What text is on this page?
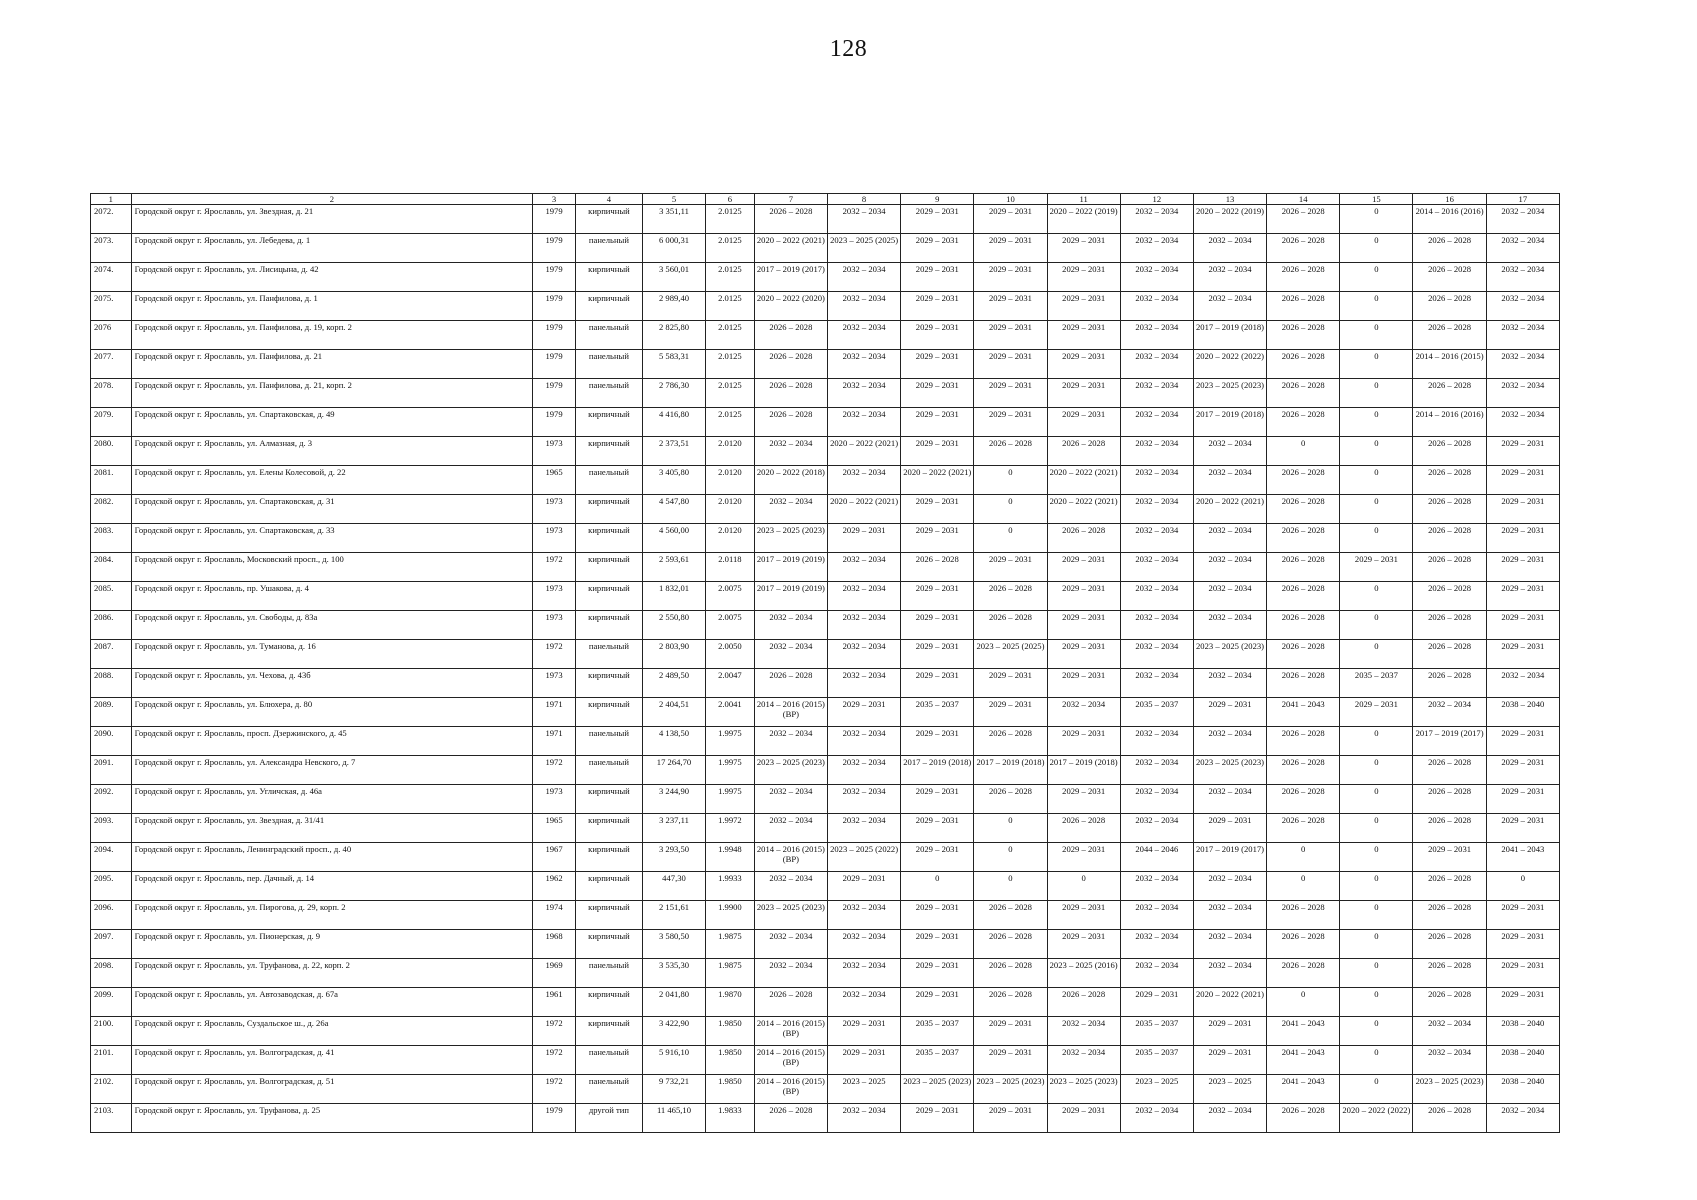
128
1	2	3	4	5	6	7	8	9	10	11	12	13	14	15	16	17
2072.	Городской округ г. Ярославль, ул. Звездная, д. 21	1979	кирпичный	3 351,11	2.0125	2026 – 2028	2032 – 2034	2029 – 2031	2029 – 2031	2020 – 2022 (2019)	2032 – 2034	2020 – 2022 (2019)	2026 – 2028	0	2014 – 2016 (2016)	2032 – 2034
2073.	Городской округ г. Ярославль, ул. Лебедева, д. 1	1979	панельный	6 000,31	2.0125	2020 – 2022 (2021)	2023 – 2025 (2025)	2029 – 2031	2029 – 2031	2029 – 2031	2032 – 2034	2032 – 2034	2026 – 2028	0	2026 – 2028	2032 – 2034
2074.	Городской округ г. Ярославль, ул. Лисицына, д. 42	1979	кирпичный	3 560,01	2.0125	2017 – 2019 (2017)	2032 – 2034	2029 – 2031	2029 – 2031	2029 – 2031	2032 – 2034	2032 – 2034	2026 – 2028	0	2026 – 2028	2032 – 2034
2075.	Городской округ г. Ярославль, ул. Панфилова, д. 1	1979	кирпичный	2 989,40	2.0125	2020 – 2022 (2020)	2032 – 2034	2029 – 2031	2029 – 2031	2029 – 2031	2032 – 2034	2032 – 2034	2026 – 2028	0	2026 – 2028	2032 – 2034
2076	Городской округ г. Ярославль, ул. Панфилова, д. 19, корп. 2	1979	панельный	2 825,80	2.0125	2026 – 2028	2032 – 2034	2029 – 2031	2029 – 2031	2029 – 2031	2032 – 2034	2017 – 2019 (2018)	2026 – 2028	0	2026 – 2028	2032 – 2034
2077.	Городской округ г. Ярославль, ул. Панфилова, д. 21	1979	панельный	5 583,31	2.0125	2026 – 2028	2032 – 2034	2029 – 2031	2029 – 2031	2029 – 2031	2032 – 2034	2020 – 2022 (2022)	2026 – 2028	0	2014 – 2016 (2015)	2032 – 2034
2078.	Городской округ г. Ярославль, ул. Панфилова, д. 21, корп. 2	1979	панельный	2 786,30	2.0125	2026 – 2028	2032 – 2034	2029 – 2031	2029 – 2031	2029 – 2031	2032 – 2034	2023 – 2025 (2023)	2026 – 2028	0	2026 – 2028	2032 – 2034
2079.	Городской округ г. Ярославль, ул. Спартаковская, д. 49	1979	кирпичный	4 416,80	2.0125	2026 – 2028	2032 – 2034	2029 – 2031	2029 – 2031	2029 – 2031	2032 – 2034	2017 – 2019 (2018)	2026 – 2028	0	2014 – 2016 (2016)	2032 – 2034
2080.	Городской округ г. Ярославль, ул. Алмазная, д. 3	1973	кирпичный	2 373,51	2.0120	2032 – 2034	2020 – 2022 (2021)	2029 – 2031	2026 – 2028	2026 – 2028	2032 – 2034	2032 – 2034	0	0	2026 – 2028	2029 – 2031
2081.	Городской округ г. Ярославль, ул. Елены Колесовой, д. 22	1965	панельный	3 405,80	2.0120	2020 – 2022 (2018)	2032 – 2034	2020 – 2022 (2021)	0	2020 – 2022 (2021)	2032 – 2034	2032 – 2034	2026 – 2028	0	2026 – 2028	2029 – 2031
2082.	Городской округ г. Ярославль, ул. Спартаковская, д. 31	1973	кирпичный	4 547,80	2.0120	2032 – 2034	2020 – 2022 (2021)	2029 – 2031	0	2020 – 2022 (2021)	2032 – 2034	2020 – 2022 (2021)	2026 – 2028	0	2026 – 2028	2029 – 2031
2083.	Городской округ г. Ярославль, ул. Спартаковская, д. 33	1973	кирпичный	4 560,00	2.0120	2023 – 2025 (2023)	2029 – 2031	2029 – 2031	0	2026 – 2028	2032 – 2034	2032 – 2034	2026 – 2028	0	2026 – 2028	2029 – 2031
2084.	Городской округ г. Ярославль, Московский просп., д. 100	1972	кирпичный	2 593,61	2.0118	2017 – 2019 (2019)	2032 – 2034	2026 – 2028	2029 – 2031	2029 – 2031	2032 – 2034	2032 – 2034	2026 – 2028	2029 – 2031	2026 – 2028	2029 – 2031
2085.	Городской округ г. Ярославль, пр. Ушакова, д. 4	1973	кирпичный	1 832,01	2.0075	2017 – 2019 (2019)	2032 – 2034	2029 – 2031	2026 – 2028	2029 – 2031	2032 – 2034	2032 – 2034	2026 – 2028	0	2026 – 2028	2029 – 2031
2086.	Городской округ г. Ярославль, ул. Свободы, д. 83а	1973	кирпичный	2 550,80	2.0075	2032 – 2034	2032 – 2034	2029 – 2031	2026 – 2028	2029 – 2031	2032 – 2034	2032 – 2034	2026 – 2028	0	2026 – 2028	2029 – 2031
2087.	Городской округ г. Ярославль, ул. Туманова, д. 16	1972	панельный	2 803,90	2.0050	2032 – 2034	2032 – 2034	2029 – 2031	2023 – 2025 (2025)	2029 – 2031	2032 – 2034	2023 – 2025 (2023)	2026 – 2028	0	2026 – 2028	2029 – 2031
2088.	Городской округ г. Ярославль, ул. Чехова, д. 43б	1973	кирпичный	2 489,50	2.0047	2026 – 2028	2032 – 2034	2029 – 2031	2029 – 2031	2029 – 2031	2032 – 2034	2032 – 2034	2026 – 2028	2035 – 2037	2026 – 2028	2032 – 2034
2089.	Городской округ г. Ярославль, ул. Блюхера, д. 80	1971	кирпичный	2 404,51	2.0041	2014 – 2016 (2015) (ВР)	2029 – 2031	2035 – 2037	2029 – 2031	2032 – 2034	2035 – 2037	2029 – 2031	2041 – 2043	2029 – 2031	2032 – 2034	2038 – 2040
2090.	Городской округ г. Ярославль, просп. Дзержинского, д. 45	1971	панельный	4 138,50	1.9975	2032 – 2034	2032 – 2034	2029 – 2031	2026 – 2028	2029 – 2031	2032 – 2034	2032 – 2034	2026 – 2028	0	2017 – 2019 (2017)	2029 – 2031
2091.	Городской округ г. Ярославль, ул. Александра Невского, д. 7	1972	панельный	17 264,70	1.9975	2023 – 2025 (2023)	2032 – 2034	2017 – 2019 (2018)	2017 – 2019 (2018)	2017 – 2019 (2018)	2032 – 2034	2023 – 2025 (2023)	2026 – 2028	0	2026 – 2028	2029 – 2031
2092.	Городской округ г. Ярославль, ул. Угличская, д. 46а	1973	кирпичный	3 244,90	1.9975	2032 – 2034	2032 – 2034	2029 – 2031	2026 – 2028	2029 – 2031	2032 – 2034	2032 – 2034	2026 – 2028	0	2026 – 2028	2029 – 2031
2093.	Городской округ г. Ярославль, ул. Звездная, д. 31/41	1965	кирпичный	3 237,11	1.9972	2032 – 2034	2032 – 2034	2029 – 2031	0	2026 – 2028	2032 – 2034	2029 – 2031	2026 – 2028	0	2026 – 2028	2029 – 2031
2094.	Городской округ г. Ярославль, Ленинградский просп., д. 40	1967	кирпичный	3 293,50	1.9948	2014 – 2016 (2015) (ВР)	2023 – 2025 (2022)	2029 – 2031	0	2029 – 2031	2044 – 2046	2017 – 2019 (2017)	0	0	2029 – 2031	2041 – 2043
2095.	Городской округ г. Ярославль, пер. Дачный, д. 14	1962	кирпичный	447,30	1.9933	2032 – 2034	2029 – 2031	0	0	0	2032 – 2034	2032 – 2034	0	0	2026 – 2028	0
2096.	Городской округ г. Ярославль, ул. Пирогова, д. 29, корп. 2	1974	кирпичный	2 151,61	1.9900	2023 – 2025 (2023)	2032 – 2034	2029 – 2031	2026 – 2028	2029 – 2031	2032 – 2034	2032 – 2034	2026 – 2028	0	2026 – 2028	2029 – 2031
2097.	Городской округ г. Ярославль, ул. Пионерская, д. 9	1968	кирпичный	3 580,50	1.9875	2032 – 2034	2032 – 2034	2029 – 2031	2026 – 2028	2029 – 2031	2032 – 2034	2032 – 2034	2026 – 2028	0	2026 – 2028	2029 – 2031
2098.	Городской округ г. Ярославль, ул. Труфанова, д. 22, корп. 2	1969	панельный	3 535,30	1.9875	2032 – 2034	2032 – 2034	2029 – 2031	2026 – 2028	2023 – 2025 (2016)	2032 – 2034	2032 – 2034	2026 – 2028	0	2026 – 2028	2029 – 2031
2099.	Городской округ г. Ярославль, ул. Автозаводская, д. 67а	1961	кирпичный	2 041,80	1.9870	2026 – 2028	2032 – 2034	2029 – 2031	2026 – 2028	2026 – 2028	2029 – 2031	2020 – 2022 (2021)	0	0	2026 – 2028	2029 – 2031
2100.	Городской округ г. Ярославль, Суздальское ш., д. 26а	1972	кирпичный	3 422,90	1.9850	2014 – 2016 (2015) (ВР)	2029 – 2031	2035 – 2037	2029 – 2031	2032 – 2034	2035 – 2037	2029 – 2031	2041 – 2043	0	2032 – 2034	2038 – 2040
2101.	Городской округ г. Ярославль, ул. Волгоградская, д. 41	1972	панельный	5 916,10	1.9850	2014 – 2016 (2015) (ВР)	2029 – 2031	2035 – 2037	2029 – 2031	2032 – 2034	2035 – 2037	2029 – 2031	2041 – 2043	0	2032 – 2034	2038 – 2040
2102.	Городской округ г. Ярославль, ул. Волгоградская, д. 51	1972	панельный	9 732,21	1.9850	2014 – 2016 (2015) (ВР)	2023 – 2025	2023 – 2025 (2023)	2023 – 2025 (2023)	2023 – 2025 (2023)	2023 – 2025	2023 – 2025	2041 – 2043	0	2023 – 2025 (2023)	2038 – 2040
2103.	Городской округ г. Ярославль, ул. Труфанова, д. 25	1979	другой тип	11 465,10	1.9833	2026 – 2028	2032 – 2034	2029 – 2031	2029 – 2031	2029 – 2031	2032 – 2034	2032 – 2034	2026 – 2028	2020 – 2022 (2022)	2026 – 2028	2032 – 2034
